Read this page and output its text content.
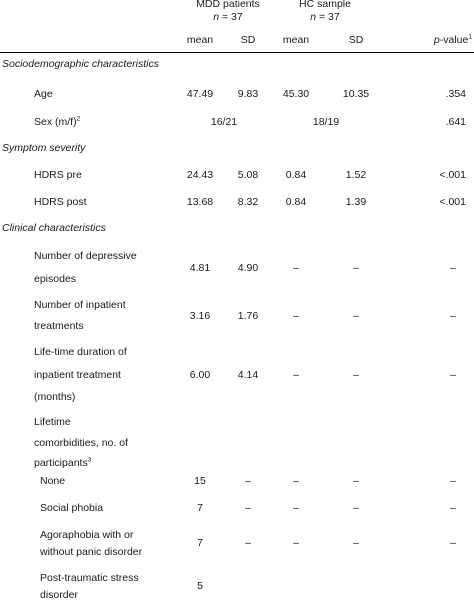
MDD patients
n = 37
HC sample
n = 37
mean	SD	mean	SD	p-value$^1$
Sociodemographic characteristics
Age	47.49	9.83	45.30	10.35	.354
Sex $(m/f)^2$	16/21	18/19	.641
Symptom severity
HDRS pre	24.43	5.08	0.84	1.52	<.001
HDRS post	13.68	8.32	0.84	1.39	<.001
Clinical characteristics
Number of depressive
episodes
4.81	4.90	–	–	–
Number of inpatient
treatments
3.16	1.76	–	–	–
Life-time duration of
inpatient treatment
(months)
6.00	4.14	–	–	–
Lifetime
comorbidities, no. of
participants$^3$
None	15	–	–	–	–
Social phobia	7	–	–	–	–
Agoraphobia with or
without panic disorder
7	–	–	–	–
Post-traumatic stress
disorder
5
